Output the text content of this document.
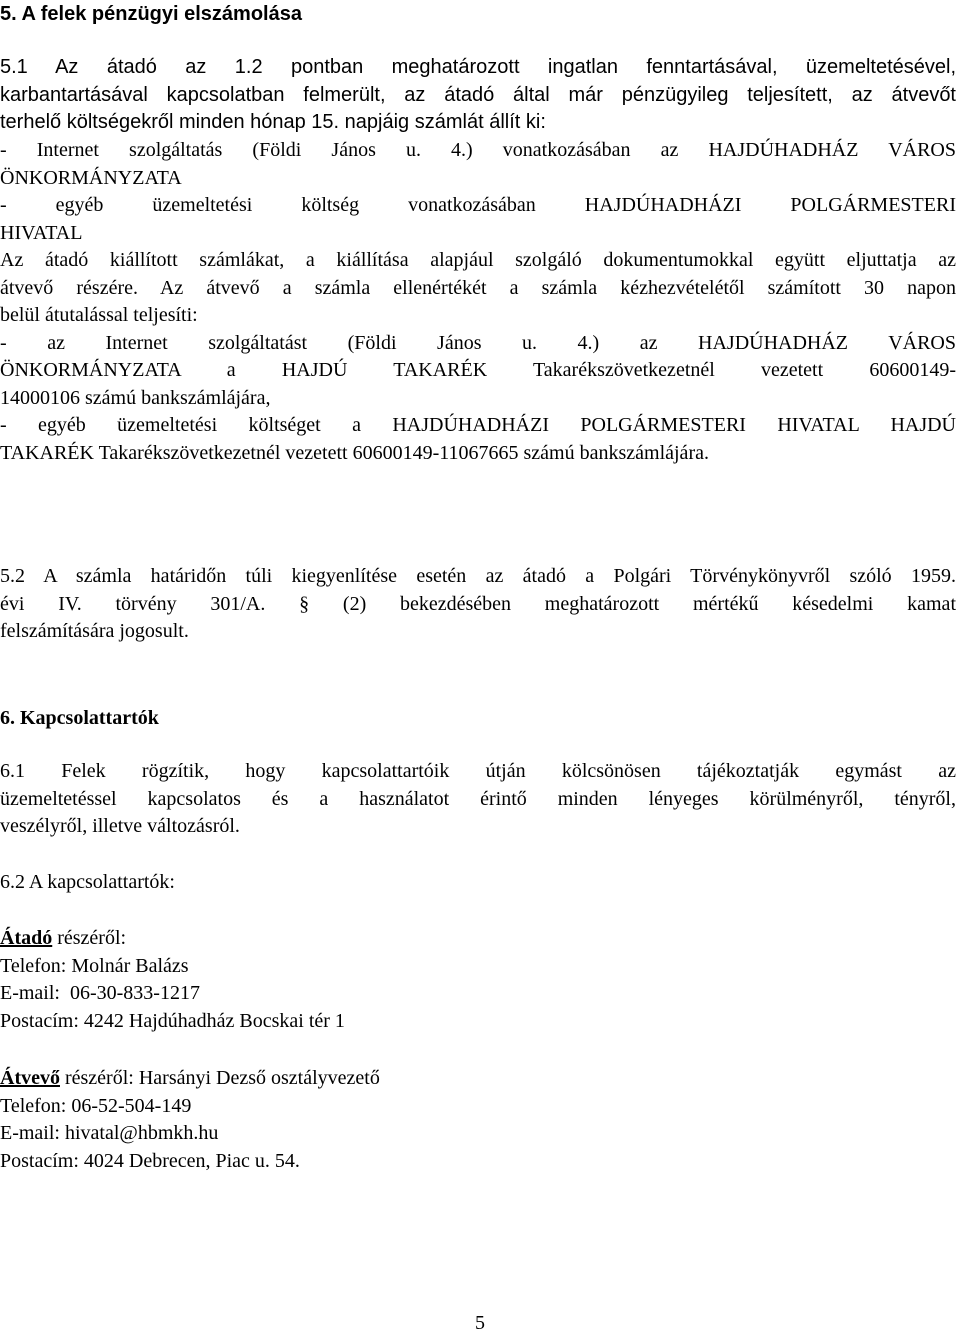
5. A felek pénzügyi elszámolása
5.1 Az átadó az 1.2 pontban meghatározott ingatlan fenntartásával, üzemeltetésével,
karbantartásával kapcsolatban felmerült, az átadó által már pénzügyileg teljesített, az átvevőt
terhelő költségekről minden hónap 15. napjáig számlát állít ki:
- Internet szolgáltatás (Földi János u. 4.) vonatkozásában az HAJDÚHADHÁZ VÁROS
ÖNKORMÁNYZATA
- egyéb üzemeltetési költség vonatkozásában HAJDÚHADHÁZI POLGÁRMESTERI
HIVATAL
Az átadó kiállított számlákat, a kiállítása alapjául szolgáló dokumentumokkal együtt eljuttatja az
átvevő részére. Az átvevő a számla ellenértékét a számla kézhezvételétől számított 30 napon
belül átutalással teljesíti:
- az Internet szolgáltatást (Földi János u. 4.) az HAJDÚHADHÁZ VÁROS
ÖNKORMÁNYZATA a HAJDÚ TAKARÉK Takarékszövetkezetnél vezetett 60600149-
14000106 számú bankszámlájára,
- egyéb üzemeltetési költséget a HAJDÚHADHÁZI POLGÁRMESTERI HIVATAL HAJDÚ
TAKARÉK Takarékszövetkezetnél vezetett 60600149-11067665 számú bankszámlájára.
5.2 A számla határidőn túli kiegyenlítése esetén az átadó a Polgári Törvénykönyvről szóló 1959.
évi IV. törvény 301/A. § (2) bekezdésében meghatározott mértékű késedelmi kamat
felszámítására jogosult.
6. Kapcsolattartók
6.1 Felek rögzítik, hogy kapcsolattartóik útján kölcsönösen tájékoztatják egymást az
üzemeltetéssel kapcsolatos és a használatot érintő minden lényeges körülményről, tényről,
veszélyről, illetve változásról.
6.2 A kapcsolattartók:
Átadó részéről:
Telefon: Molnár Balázs
E-mail:  06-30-833-1217
Postacím: 4242 Hajdúhadház Bocskai tér 1
Átvevő részéről: Harsányi Dezső osztályvezető
Telefon: 06-52-504-149
E-mail: hivatal@hbmkh.hu
Postacím: 4024 Debrecen, Piac u. 54.
5
